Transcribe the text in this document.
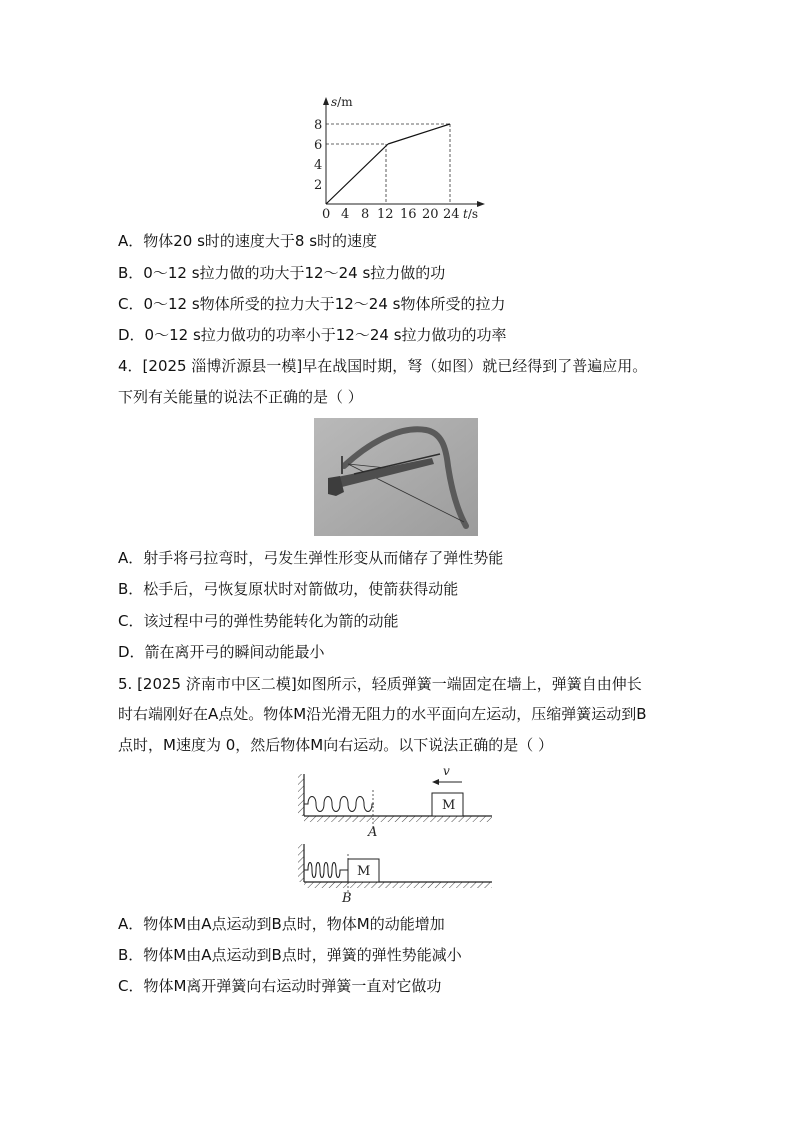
s/m
t/s
2
4
6
8
0 4 8 12 16 20 24
A．物体20 s时的速度大于8 s时的速度
B．0～12 s拉力做的功大于12～24 s拉力做的功
C．0～12 s物体所受的拉力大于12～24 s物体所受的拉力
D．0～12 s拉力做功的功率小于12～24 s拉力做功的功率
4．[2025 淄博沂源县一模]早在战国时期，弩（如图）就已经得到了普遍应用。
下列有关能量的说法不正确的是（ ）
A．射手将弓拉弯时，弓发生弹性形变从而储存了弹性势能
B．松手后，弓恢复原状时对箭做功，使箭获得动能
C．该过程中弓的弹性势能转化为箭的动能
D．箭在离开弓的瞬间动能最小
5. [2025 济南市中区二模]如图所示，轻质弹簧一端固定在墙上，弹簧自由伸长
时右端刚好在A点处。物体M沿光滑无阻力的水平面向左运动，压缩弹簧运动到B
点时，M速度为 0，然后物体M向右运动。以下说法正确的是（ ）
A
M
v
B
M
A．物体M由A点运动到B点时，物体M的动能增加
B．物体M由A点运动到B点时，弹簧的弹性势能减小
C．物体M离开弹簧向右运动时弹簧一直对它做功
